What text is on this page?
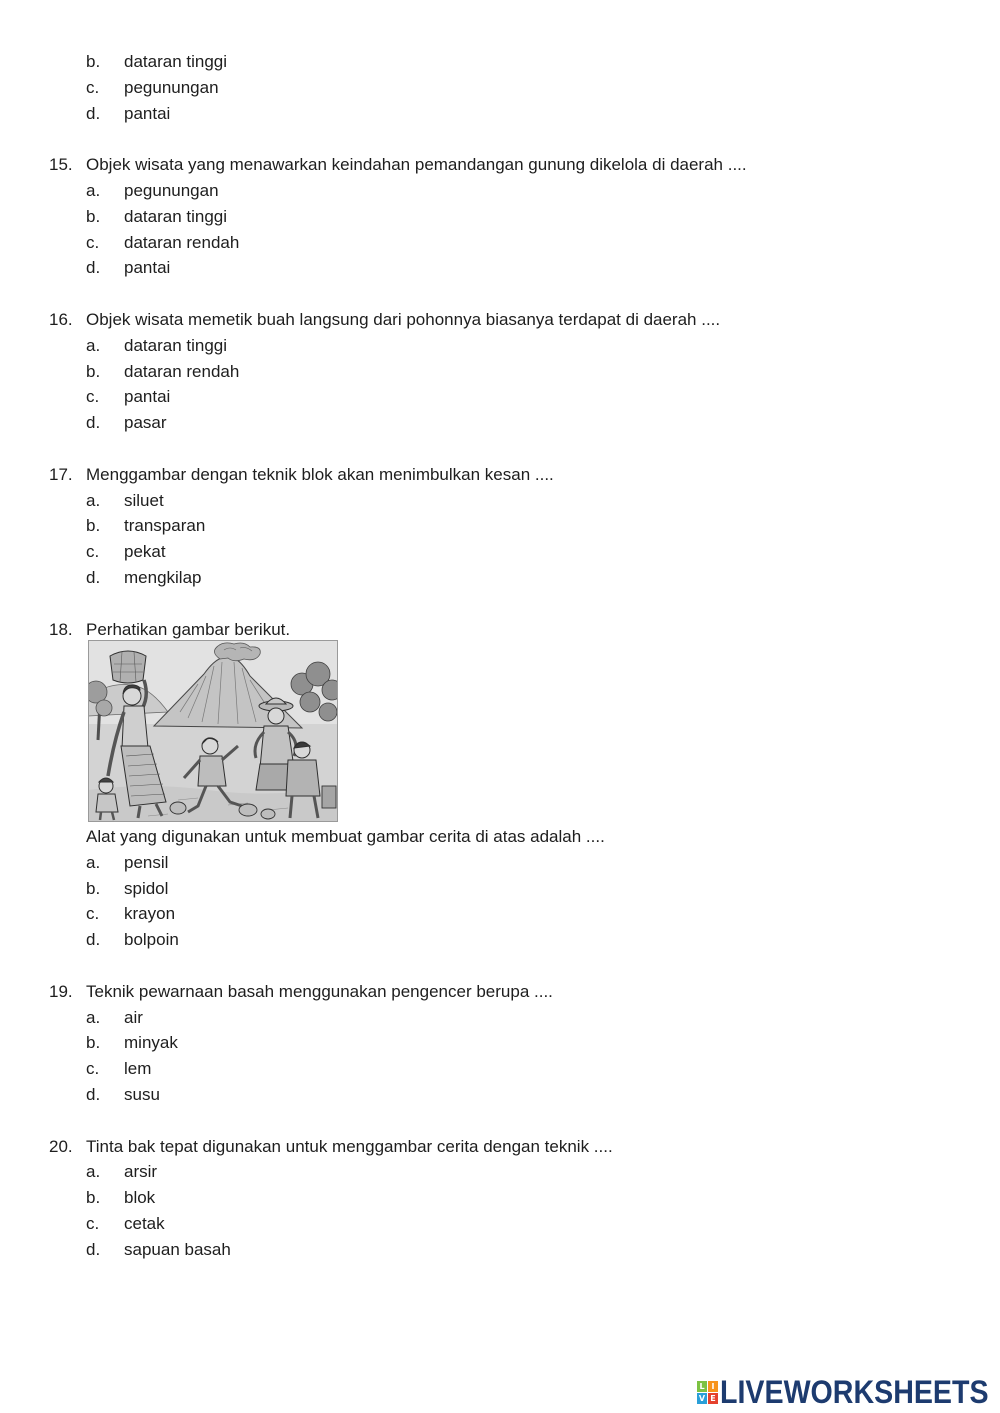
b. dataran tinggi
c. pegunungan
d. pantai
15. Objek wisata yang menawarkan keindahan pemandangan gunung dikelola di daerah ....
a. pegunungan
b. dataran tinggi
c. dataran rendah
d. pantai
16. Objek wisata memetik buah langsung dari pohonnya biasanya terdapat di daerah ....
a. dataran tinggi
b. dataran rendah
c. pantai
d. pasar
17. Menggambar dengan teknik blok akan menimbulkan kesan ....
a. siluet
b. transparan
c. pekat
d. mengkilap
18. Perhatikan gambar berikut.
Alat yang digunakan untuk membuat gambar cerita di atas adalah ....
a. pensil
b. spidol
c. krayon
d. bolpoin
19. Teknik pewarnaan basah menggunakan pengencer berupa ....
a. air
b. minyak
c. lem
d. susu
20. Tinta bak tepat digunakan untuk menggambar cerita dengan teknik ....
a. arsir
b. blok
c. cetak
d. sapuan basah
L I
V E LIVEWORKSHEETS
